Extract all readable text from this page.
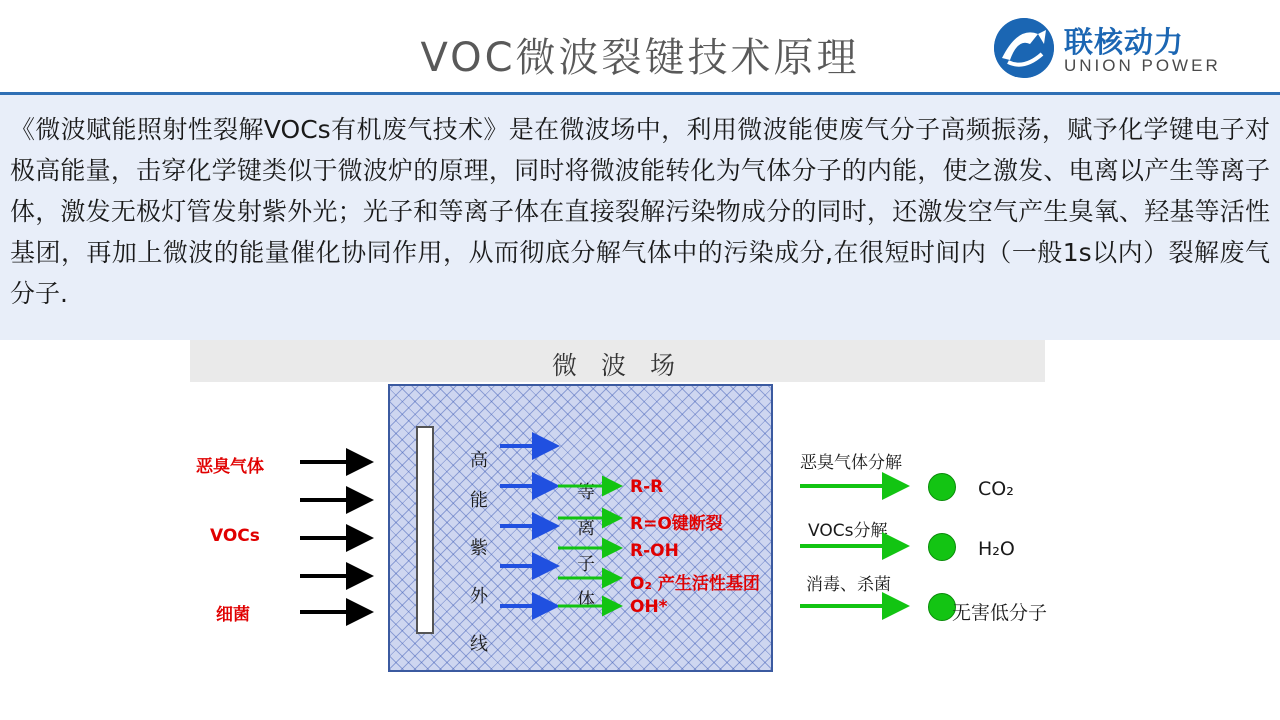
VOC微波裂键技术原理	联核动力
UNION POWER

《微波赋能照射性裂解VOCs有机废气技术》是在微波场中，利用微波能使废气分子高频振荡，赋予化学键电子对极高能量，击穿化学键类似于微波炉的原理，同时将微波能转化为气体分子的内能，使之激发、电离以产生等离子体，激发无极灯管发射紫外光；光子和等离子体在直接裂解污染物成分的同时，还激发空气产生臭氧、羟基等活性基团，再加上微波的能量催化协同作用，从而彻底分解气体中的污染成分,在很短时间内（一般1s以内）裂解废气分子.

微 波 场
恶臭气体
VOCs
细菌
高
能
紫
外
线
等
离
子
体
R-R
R=O键断裂
R-OH
O₂ 产生活性基团
OH*
恶臭气体分解
VOCs分解
消毒、杀菌
CO₂
H₂O
无害低分子
